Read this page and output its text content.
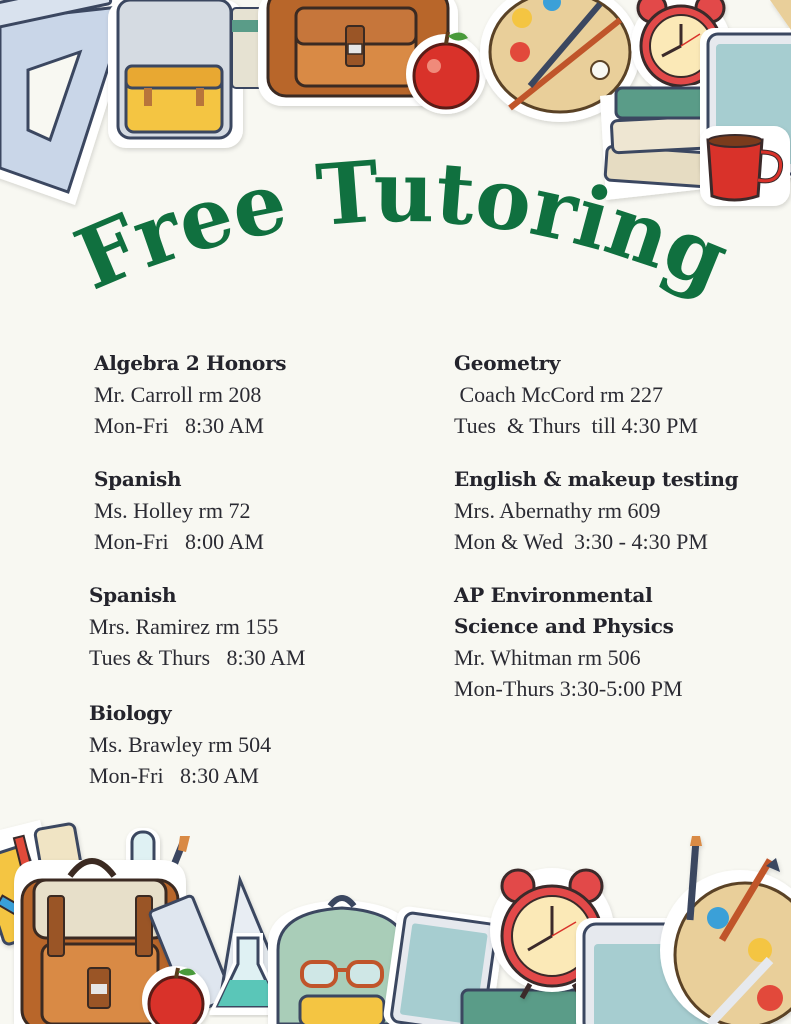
Free Tutoring
Algebra 2 Honors
Mr. Carroll rm 208
Mon-Fri   8:30 AM
Spanish
Ms. Holley rm 72
Mon-Fri   8:00 AM
Spanish
Mrs. Ramirez rm 155
Tues & Thurs   8:30 AM
Biology
Ms. Brawley rm 504
Mon-Fri   8:30 AM
Geometry
Coach McCord rm 227
Tues  & Thurs  till 4:30 PM
English & makeup testing
Mrs. Abernathy rm 609
Mon & Wed  3:30 - 4:30 PM
AP Environmental
Science and Physics
Mr. Whitman rm 506
Mon-Thurs 3:30-5:00 PM
